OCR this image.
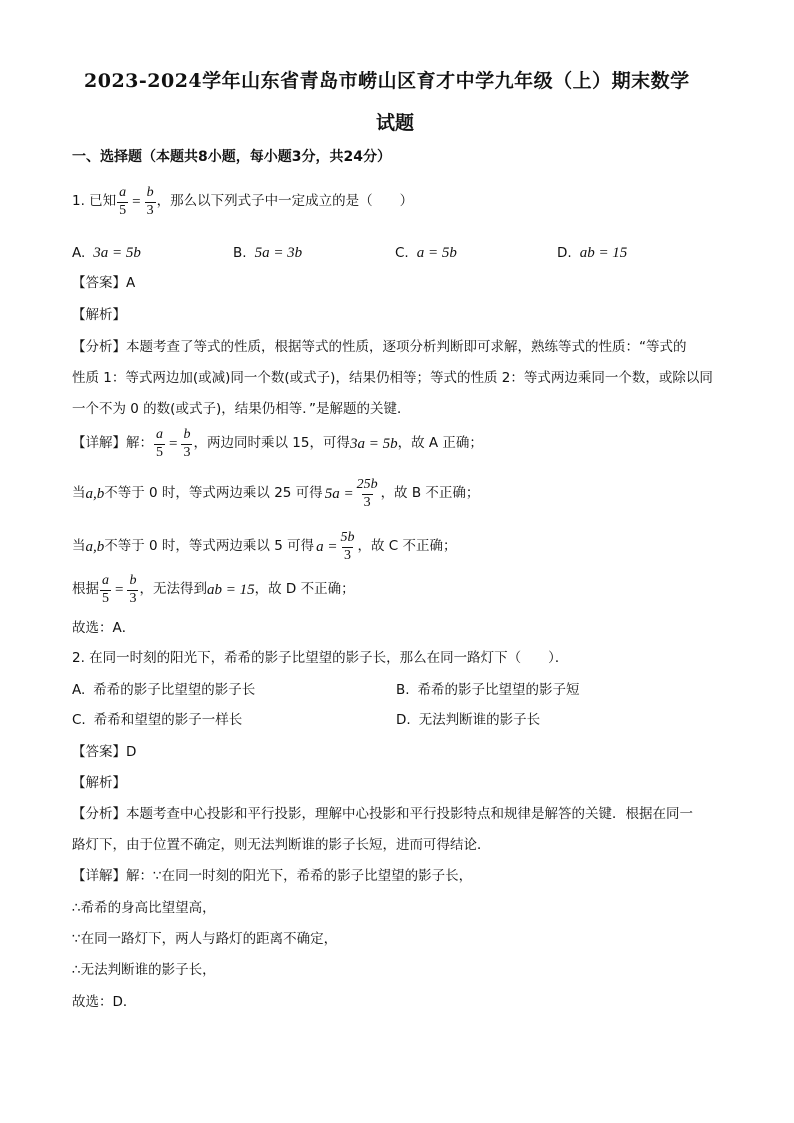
2023-2024学年山东省青岛市崂山区育才中学九年级（上）期末数学
试题
一、选择题（本题共8小题，每小题3分，共24分）
1. 已知 $\frac{a}{5} = \frac{b}{3}$ ，那么以下列式子中一定成立的是（　　）
A. 3a = 5b	B. 5a = 3b	C. a = 5b	D. ab = 15
【答案】A
【解析】
【分析】本题考查了等式的性质，根据等式的性质，逐项分析判断即可求解，熟练等式的性质：“等式的
性质 1：等式两边加(或减)同一个数(或式子)，结果仍相等；等式的性质 2：等式两边乘同一个数，或除以同
一个不为 0 的数(或式子)，结果仍相等．”是解题的关键．
【详解】解： $\frac{a}{5} = \frac{b}{3}$ ，两边同时乘以 15，可得 3a = 5b ，故 A 正确；
当 a,b 不等于 0 时，等式两边乘以 25 可得 $5a = \frac{25b}{3}$ ，故 B 不正确；
当 a,b 不等于 0 时，等式两边乘以 5 可得 $a = \frac{5b}{3}$ ，故 C 不正确；
根据 $\frac{a}{5} = \frac{b}{3}$ ，无法得到 ab = 15 ，故 D 不正确；
故选：A．
2. 在同一时刻的阳光下，希希的影子比望望的影子长，那么在同一路灯下（　　）．
A. 希希的影子比望望的影子长	B. 希希的影子比望望的影子短
C. 希希和望望的影子一样长	D. 无法判断谁的影子长
【答案】D
【解析】
【分析】本题考查中心投影和平行投影，理解中心投影和平行投影特点和规律是解答的关键．根据在同一
路灯下，由于位置不确定，则无法判断谁的影子长短，进而可得结论．
【详解】解：∵在同一时刻的阳光下，希希的影子比望望的影子长，
∴希希的身高比望望高，
∵在同一路灯下，两人与路灯的距离不确定，
∴无法判断谁的影子长，
故选：D．
